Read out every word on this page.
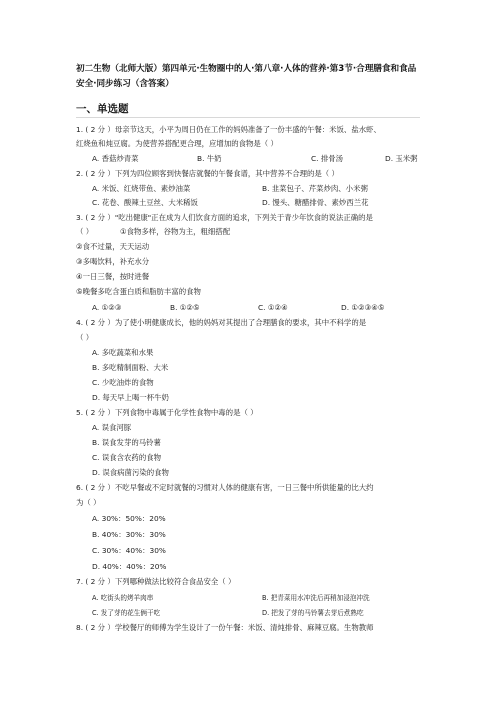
初二生物（北师大版）第四单元·生物圈中的人·第八章·人体的营养·第3节·合理膳食和食品
安全·同步练习（含答案）
一、单选题
1. ( 2 分 ）母亲节这天，小平为周日仍在工作的妈妈准备了一份丰盛的午餐：米饭、盐水虾、
红烧鱼和炖豆腐。为使营养搭配更合理，应增加的食物是（ ）
A. 香菇炒青菜	B. 牛奶	C. 排骨汤	D. 玉米粥
2. ( 2 分 ）下列为四位顾客到快餐店就餐的午餐食谱，其中营养不合理的是（ ）
A. 米饭、红烧带鱼、素炒油菜	B. 韭菜包子、芹菜炒肉、小米粥
C. 花卷、酸辣土豆丝、大米稀饭	D. 馒头、糖醋排骨、素炒西兰花
3. ( 2 分 ）"吃出健康"正在成为人们饮食方面的追求，下列关于青少年饮食的说法正确的是
（ ）	①食物多样，谷物为主，粗细搭配
②食不过量，天天运动
③多喝饮料，补充水分
④一日三餐，按时进餐
⑤晚餐多吃含蛋白质和脂肪丰富的食物
A. ①②③	B. ①②⑤	C. ①②④	D. ①②③④⑤
4. ( 2 分 ）为了使小明健康成长，他的妈妈对其提出了合理膳食的要求，其中不科学的是
（ ）
A. 多吃蔬菜和水果
B. 多吃精制面粉、大米
C. 少吃油炸的食物
D. 每天早上喝一杯牛奶
5. ( 2 分 ）下列食物中毒属于化学性食物中毒的是（ ）
A. 误食河豚
B. 误食发芽的马铃薯
C. 误食含农药的食物
D. 误食病菌污染的食物
6. ( 2 分 ）不吃早餐或不定时就餐的习惯对人体的健康有害，一日三餐中所供能量的比大约
为（ ）
A. 30%：50%：20%
B. 40%：30%：30%
C. 30%：40%：30%
D. 40%：40%：20%
7. ( 2 分 ）下列哪种做法比较符合食品安全（ ）
A. 吃街头的烤羊肉串	B. 把青菜用水冲洗后再稍加浸泡冲洗
C. 发了芽的花生俩干吃	D. 把发了芽的马铃薯去芽后煮熟吃
8. ( 2 分 ）学校餐厅的师傅为学生设计了一份午餐：米饭、清炖排骨、麻辣豆腐。生物教师
